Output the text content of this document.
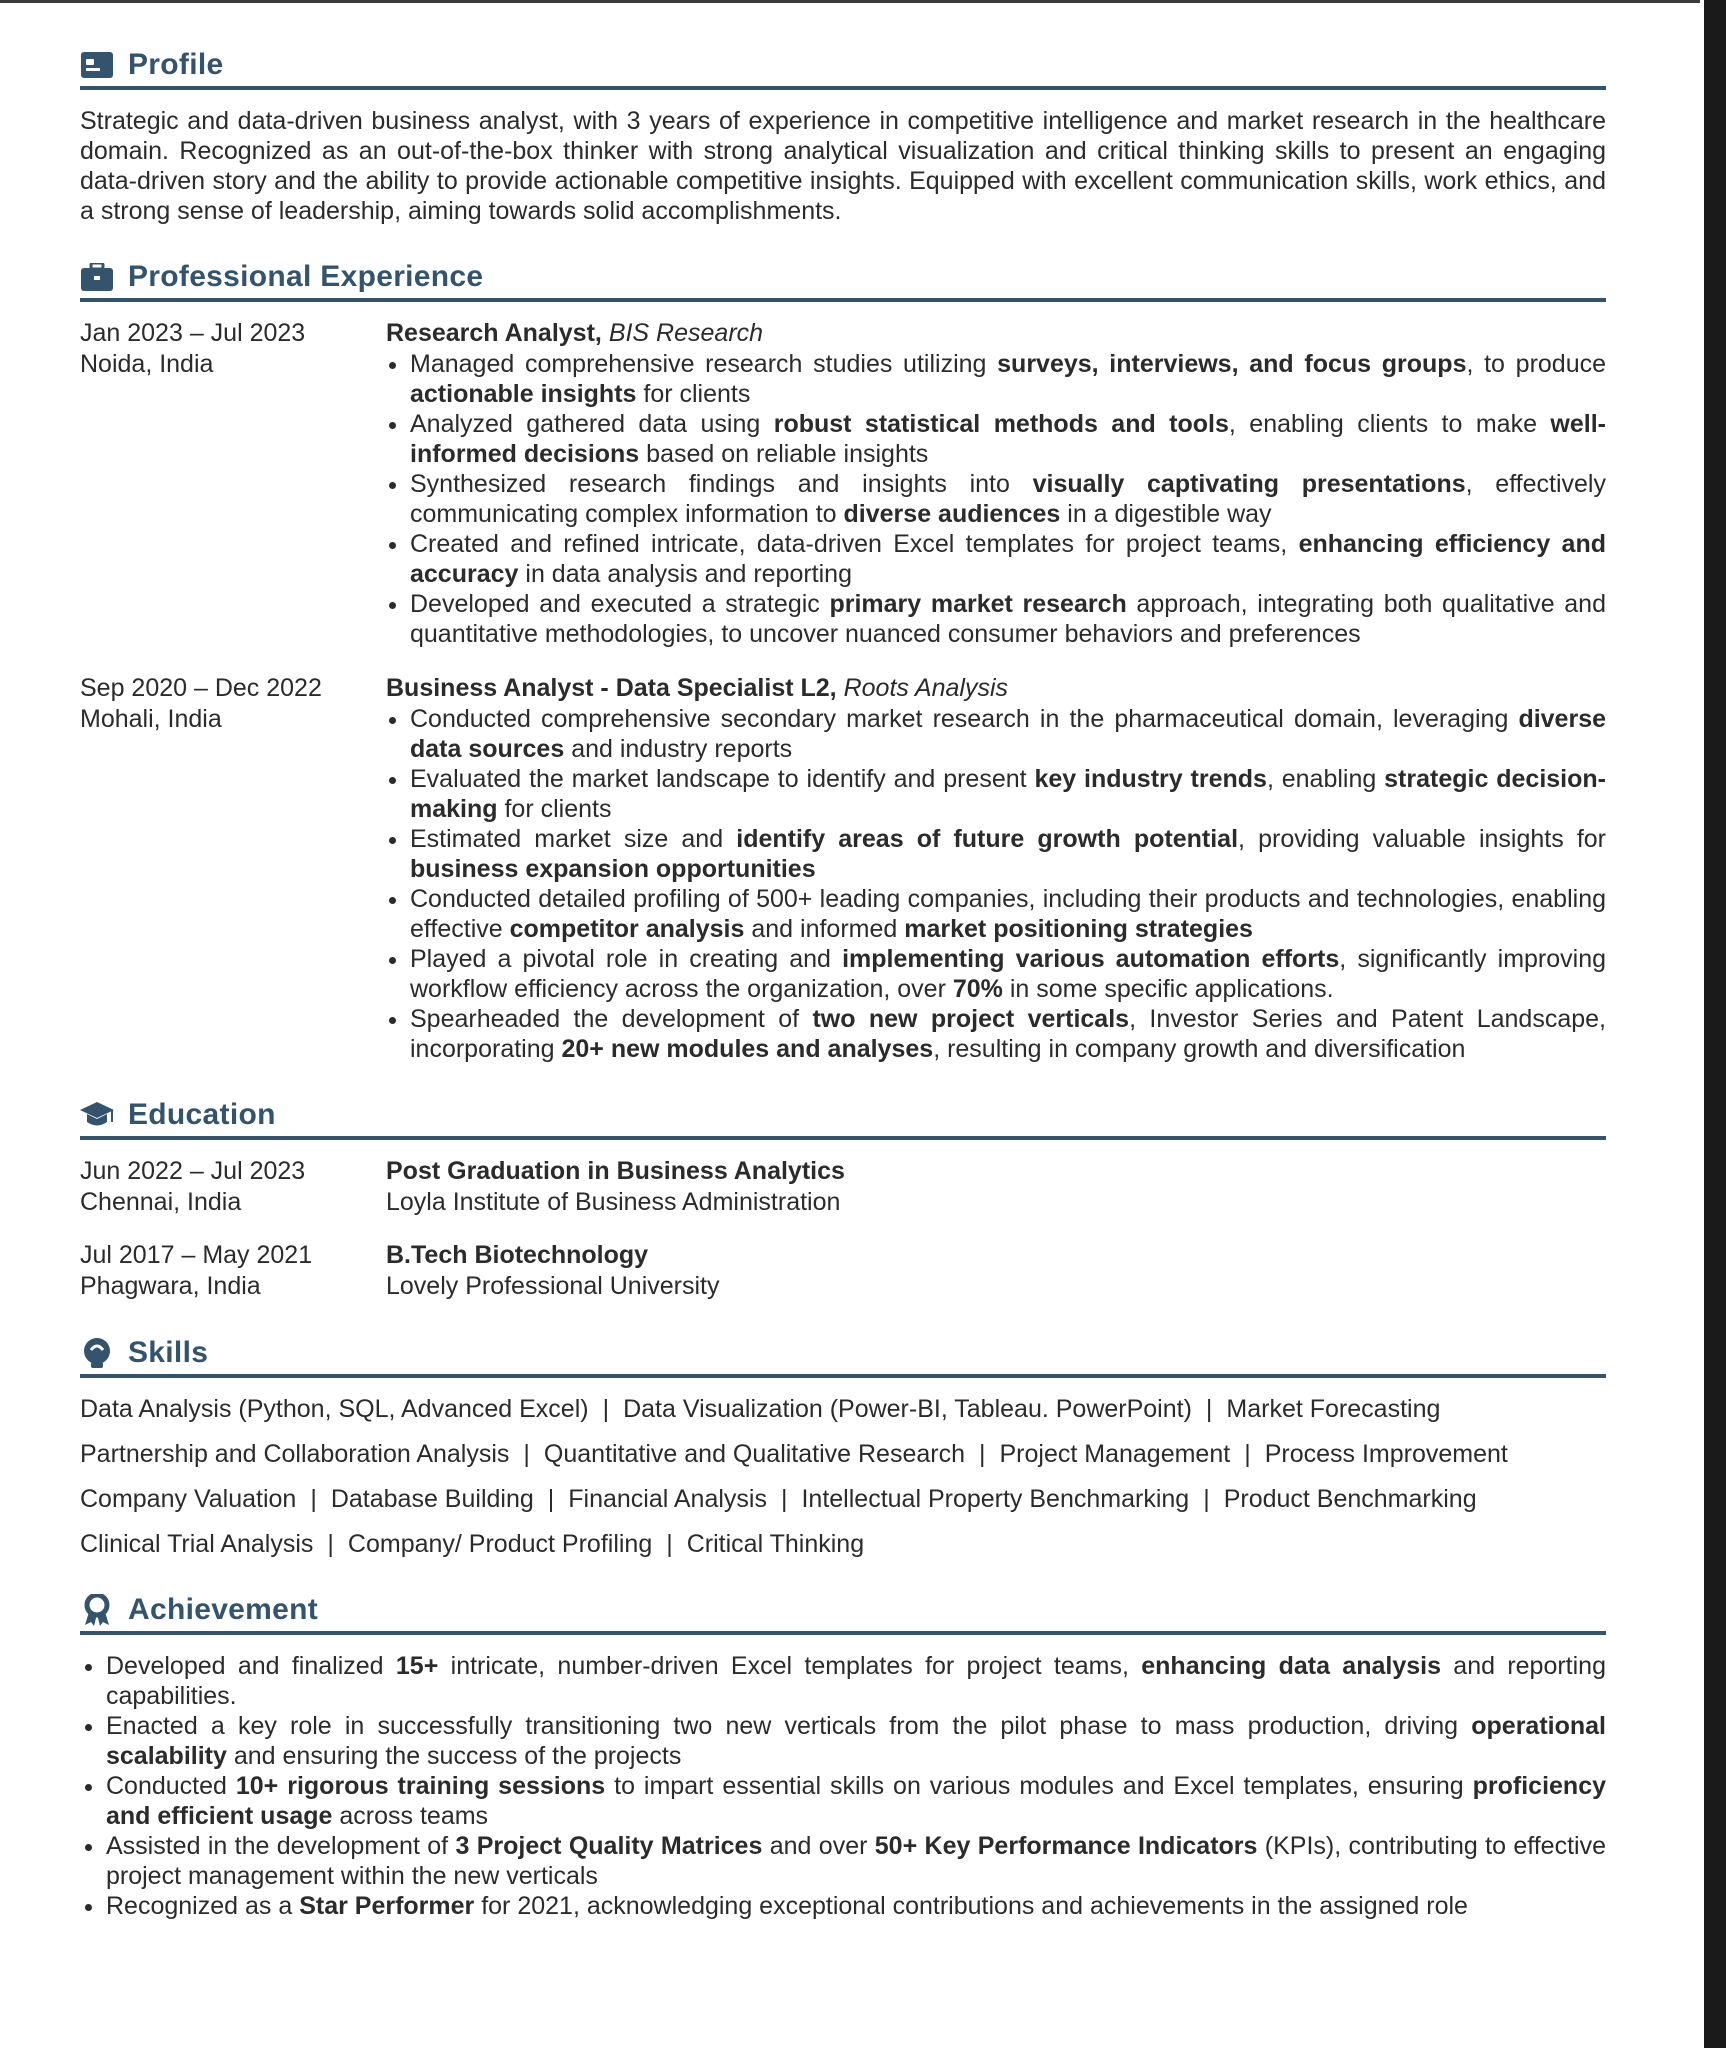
Profile

Strategic and data-driven business analyst, with 3 years of experience in competitive intelligence and market research in the healthcare domain. Recognized as an out-of-the-box thinker with strong analytical visualization and critical thinking skills to present an engaging data-driven story and the ability to provide actionable competitive insights. Equipped with excellent communication skills, work ethics, and a strong sense of leadership, aiming towards solid accomplishments.

Professional Experience
Jan 2023 – Jul 2023
Noida, India
Research Analyst, BIS Research
• Managed comprehensive research studies utilizing surveys, interviews, and focus groups, to produce actionable insights for clients
• Analyzed gathered data using robust statistical methods and tools, enabling clients to make well-informed decisions based on reliable insights
• Synthesized research findings and insights into visually captivating presentations, effectively communicating complex information to diverse audiences in a digestible way
• Created and refined intricate, data-driven Excel templates for project teams, enhancing efficiency and accuracy in data analysis and reporting
• Developed and executed a strategic primary market research approach, integrating both qualitative and quantitative methodologies, to uncover nuanced consumer behaviors and preferences
Sep 2020 – Dec 2022
Mohali, India
Business Analyst - Data Specialist L2, Roots Analysis
• Conducted comprehensive secondary market research in the pharmaceutical domain, leveraging diverse data sources and industry reports
• Evaluated the market landscape to identify and present key industry trends, enabling strategic decision-making for clients
• Estimated market size and identify areas of future growth potential, providing valuable insights for business expansion opportunities
• Conducted detailed profiling of 500+ leading companies, including their products and technologies, enabling effective competitor analysis and informed market positioning strategies
• Played a pivotal role in creating and implementing various automation efforts, significantly improving workflow efficiency across the organization, over 70% in some specific applications.
• Spearheaded the development of two new project verticals, Investor Series and Patent Landscape, incorporating 20+ new modules and analyses, resulting in company growth and diversification
Education
Jun 2022 – Jul 2023
Chennai, India
Post Graduation in Business Analytics
Loyla Institute of Business Administration
Jul 2017 – May 2021
Phagwara, India
B.Tech Biotechnology
Lovely Professional University
Skills
Data Analysis (Python, SQL, Advanced Excel) | Data Visualization (Power-BI, Tableau. PowerPoint) | Market Forecasting
Partnership and Collaboration Analysis | Quantitative and Qualitative Research | Project Management | Process Improvement
Company Valuation | Database Building | Financial Analysis | Intellectual Property Benchmarking | Product Benchmarking
Clinical Trial Analysis | Company/ Product Profiling | Critical Thinking
Achievement
• Developed and finalized 15+ intricate, number-driven Excel templates for project teams, enhancing data analysis and reporting capabilities.
• Enacted a key role in successfully transitioning two new verticals from the pilot phase to mass production, driving operational scalability and ensuring the success of the projects
• Conducted 10+ rigorous training sessions to impart essential skills on various modules and Excel templates, ensuring proficiency and efficient usage across teams
• Assisted in the development of 3 Project Quality Matrices and over 50+ Key Performance Indicators (KPIs), contributing to effective project management within the new verticals
• Recognized as a Star Performer for 2021, acknowledging exceptional contributions and achievements in the assigned role
